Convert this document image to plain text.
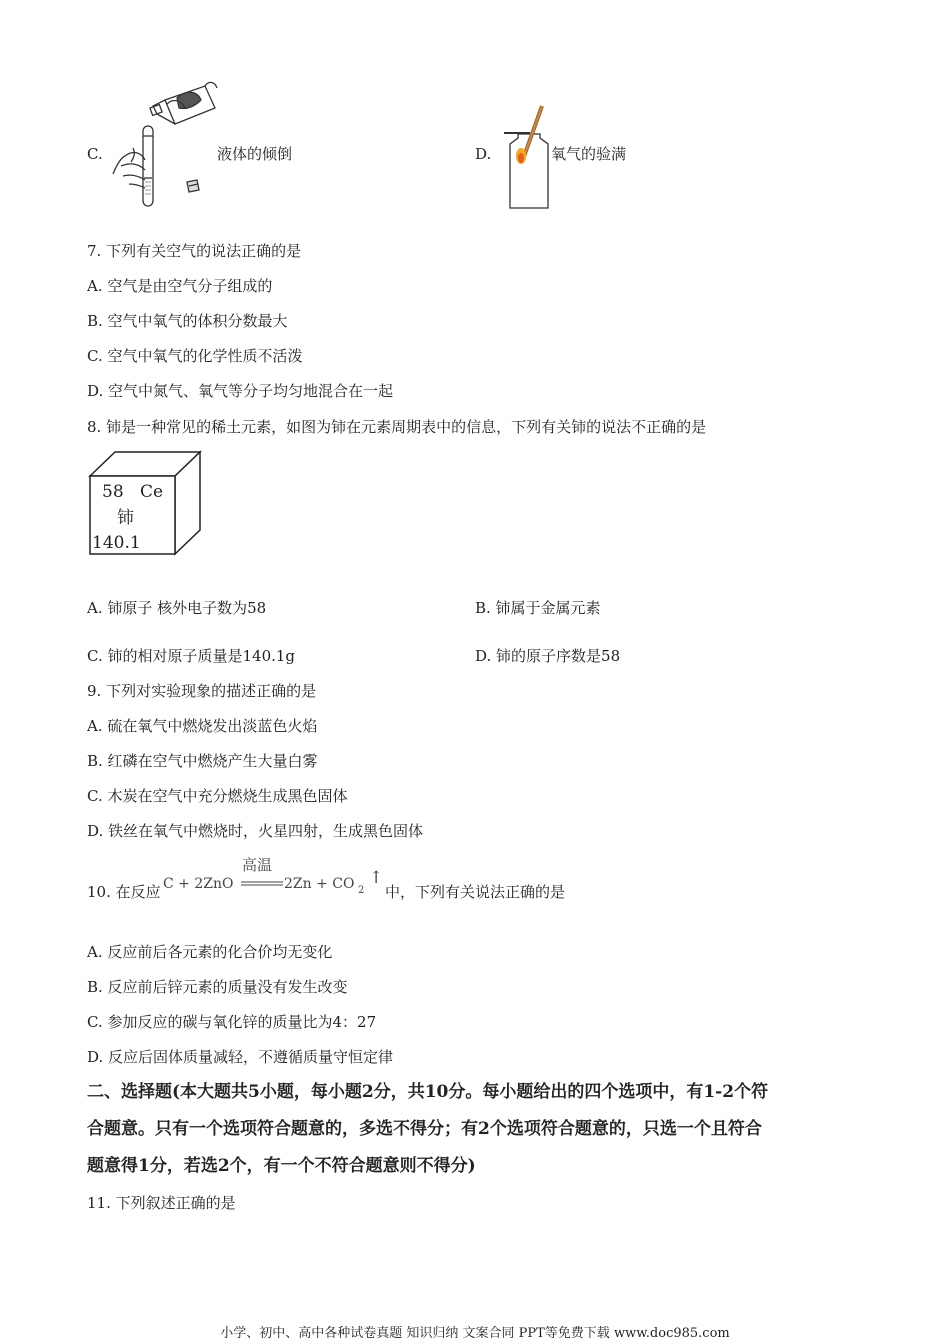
C.	液体的倾倒	D.	氧气的验满
7. 下列有关空气的说法正确的是
A. 空气是由空气分子组成的
B. 空气中氧气的体积分数最大
C. 空气中氧气的化学性质不活泼
D. 空气中氮气、氧气等分子均匀地混合在一起
8. 铈是一种常见的稀土元素，如图为铈在元素周期表中的信息，下列有关铈的说法不正确的是
58 Ce
铈
140.1
A. 铈原子 核外电子数为58	B. 铈属于金属元素
C. 铈的相对原子质量是140.1g	D. 铈的原子序数是58
9. 下列对实验现象的描述正确的是
A. 硫在氧气中燃烧发出淡蓝色火焰
B. 红磷在空气中燃烧产生大量白雾
C. 木炭在空气中充分燃烧生成黑色固体
D. 铁丝在氧气中燃烧时，火星四射，生成黑色固体
10. 在反应 C + 2ZnO
高温
2Zn + CO 2
↑
中，下列有关说法正确的是
A. 反应前后各元素的化合价均无变化
B. 反应前后锌元素的质量没有发生改变
C. 参加反应的碳与氧化锌的质量比为4：27
D. 反应后固体质量减轻，不遵循质量守恒定律
二、选择题(本大题共5小题，每小题2分，共10分。每小题给出的四个选项中，有1-2个符
合题意。只有一个选项符合题意的，多选不得分；有2个选项符合题意的，只选一个且符合
题意得1分，若选2个，有一个不符合题意则不得分)
11. 下列叙述正确的是
小学、初中、高中各种试卷真题 知识归纳 文案合同 PPT等免费下载 www.doc985.com
